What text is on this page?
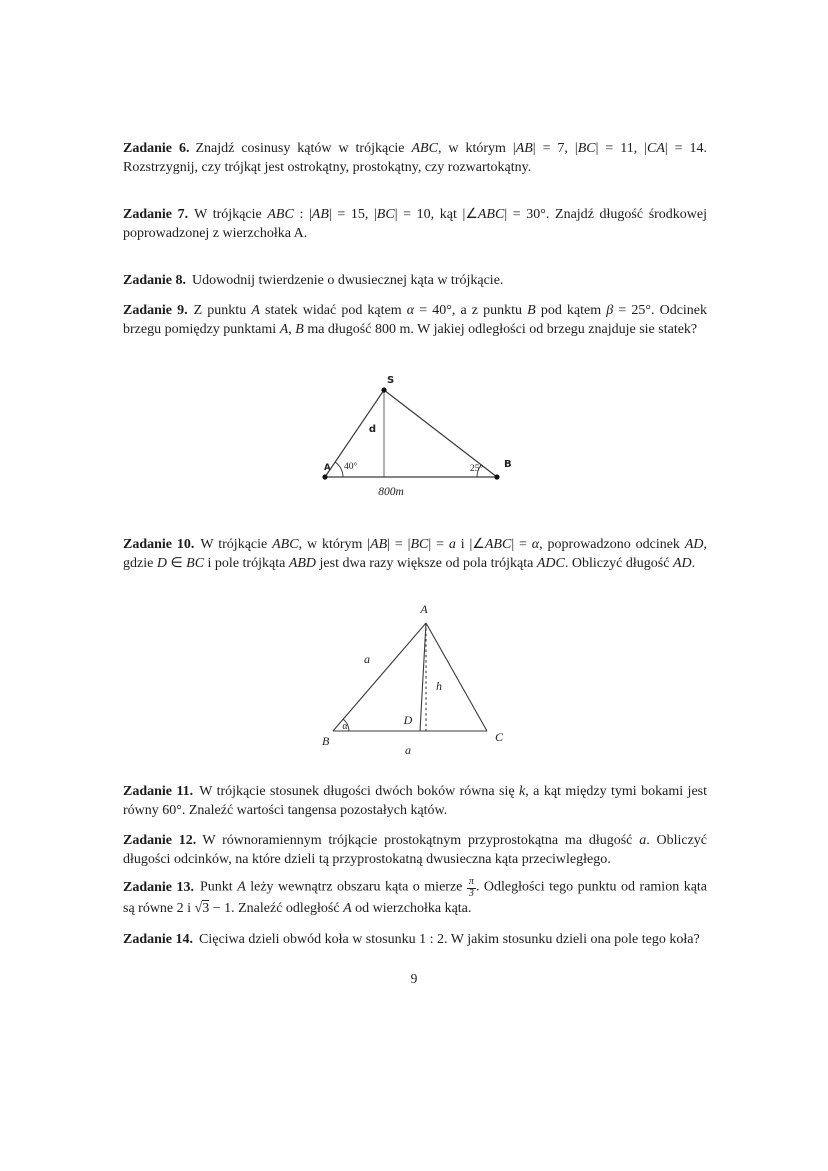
Zadanie 6. Znajdź cosinusy kątów w trójkącie ABC, w którym |AB| = 7, |BC| = 11, |CA| = 14. Rozstrzygnij, czy trójkąt jest ostrokątny, prostokątny, czy rozwartokątny.

Zadanie 7. W trójkącie ABC : |AB| = 15, |BC| = 10, kąt |∠ABC| = 30°. Znajdź długość środkowej poprowadzonej z wierzchołka A.

Zadanie 8. Udowodnij twierdzenie o dwusiecznej kąta w trójkącie.

Zadanie 9. Z punktu A statek widać pod kątem α = 40°, a z punktu B pod kątem β = 25°. Odcinek brzegu pomiędzy punktami A, B ma długość 800 m. W jakiej odległości od brzegu znajduje sie statek?

Zadanie 10. W trójkącie ABC, w którym |AB| = |BC| = a i |∠ABC| = α, poprowadzono odcinek AD, gdzie D ∈ BC i pole trójkąta ABD jest dwa razy większe od pola trójkąta ADC. Obliczyć długość AD.

Zadanie 11. W trójkącie stosunek długości dwóch boków równa się k, a kąt między tymi bokami jest równy 60°. Znaleźć wartości tangensa pozostałych kątów.

Zadanie 12. W równoramiennym trójkącie prostokątnym przyprostokątna ma długość a. Obliczyć długości odcinków, na które dzieli tą przyprostokatną dwusieczna kąta przeciwległego.

Zadanie 13. Punkt A leży wewnątrz obszaru kąta o mierze $\frac{\pi}{3}$ . Odległości tego punktu od ramion kąta są równe 2 i √3 − 1. Znaleźć odległość A od wierzchołka kąta.

Zadanie 14. Cięciwa dzieli obwód koła w stosunku 1 : 2. W jakim stosunku dzieli ona pole tego koła?

S
d
A 40°	25° B
800m
A
B	C
D
h
a
a
α
9
